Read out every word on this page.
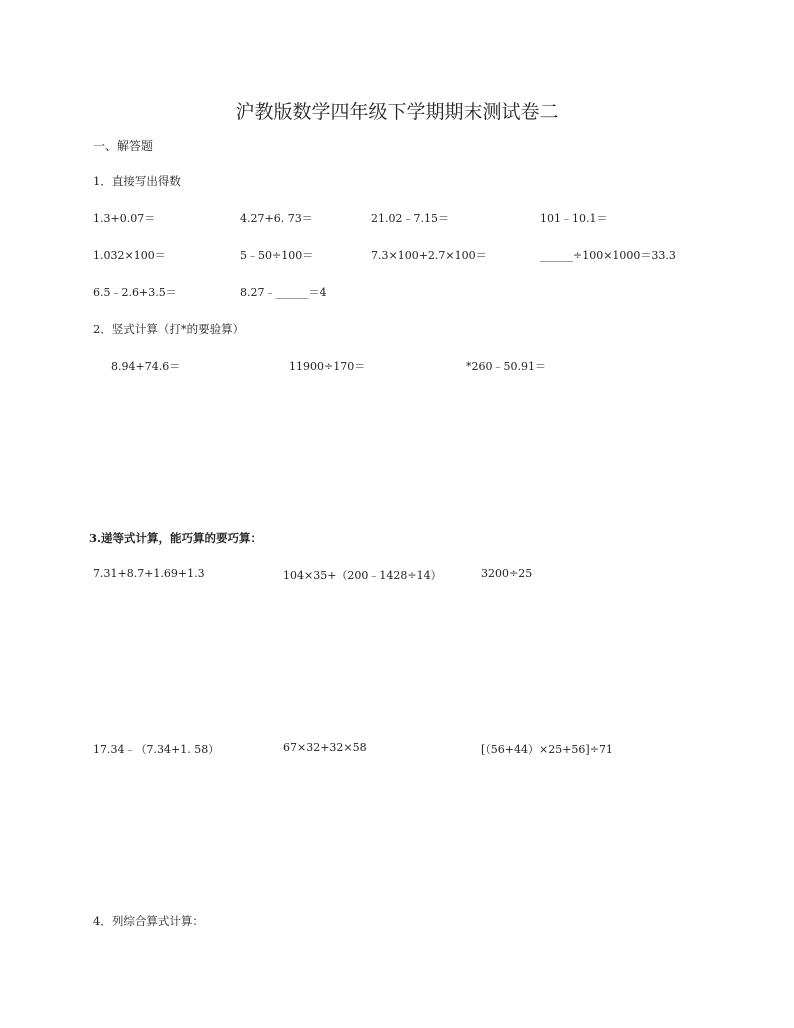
沪教版数学四年级下学期期末测试卷二
一、解答题
1．直接写出得数
1.3+0.07＝	4.27+6. 73＝	21.02﹣7.15＝	101﹣10.1＝
1.032×100＝	5﹣50÷100＝	7.3×100+2.7×100＝	______÷100×1000＝33.3
6.5﹣2.6+3.5＝	8.27﹣______＝4
2．竖式计算（打*的要验算）
8.94+74.6＝	11900÷170＝	*260﹣50.91＝
3.递等式计算，能巧算的要巧算：
7.31+8.7+1.69+1.3	104×35+（200﹣1428÷14）	3200÷25
17.34﹣（7.34+1. 58）	67×32+32×58	[（56+44）×25+56]÷71
4．列综合算式计算：
